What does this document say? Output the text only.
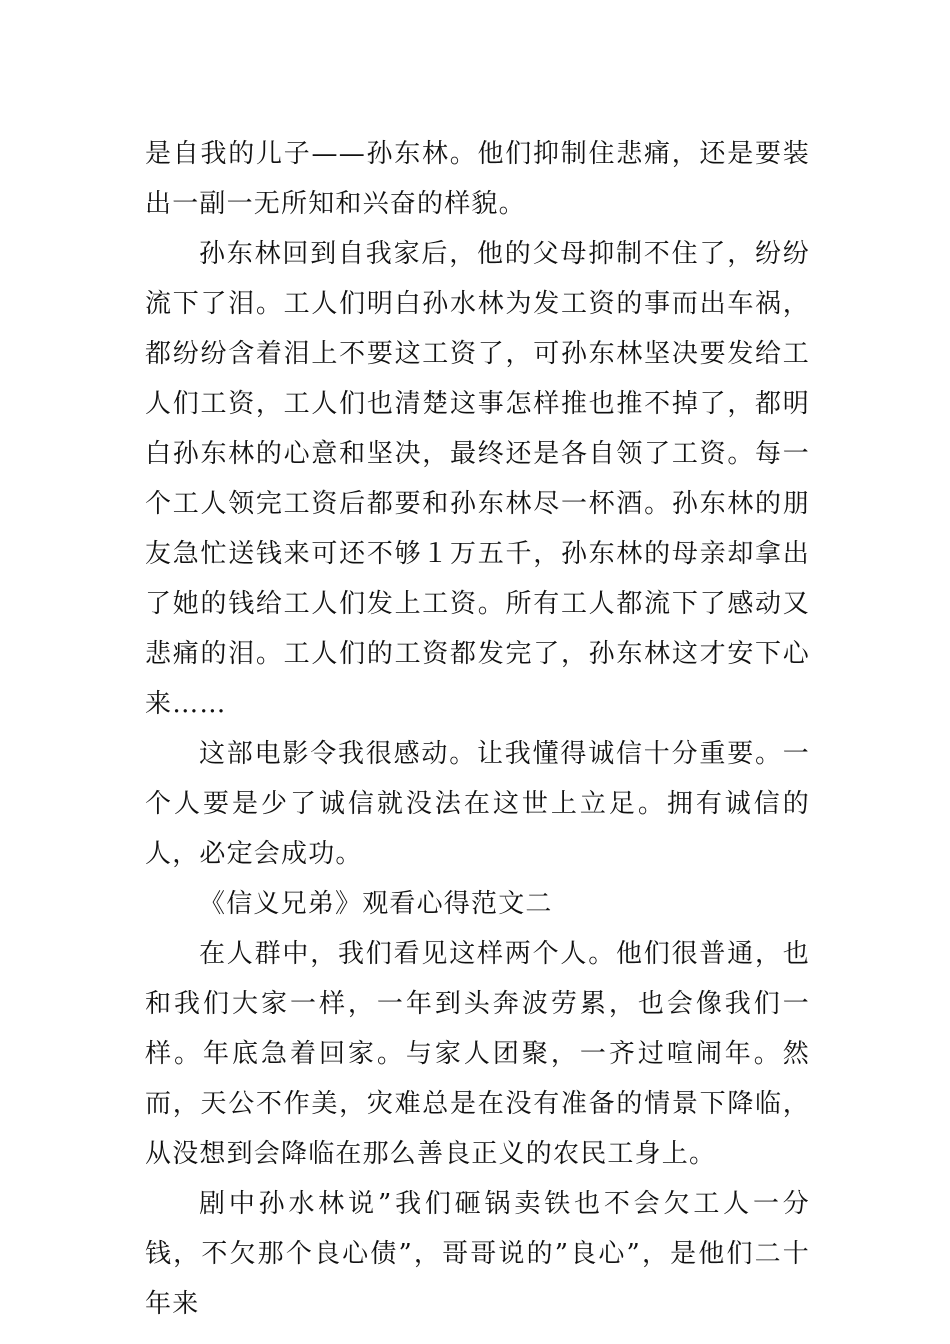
是自我的儿子——孙东林。他们抑制住悲痛，还是要装出一副一无所知和兴奋的样貌。

孙东林回到自我家后，他的父母抑制不住了，纷纷流下了泪。工人们明白孙水林为发工资的事而出车祸，都纷纷含着泪上不要这工资了，可孙东林坚决要发给工人们工资，工人们也清楚这事怎样推也推不掉了，都明白孙东林的心意和坚决，最终还是各自领了工资。每一个工人领完工资后都要和孙东林尽一杯酒。孙东林的朋友急忙送钱来可还不够１万五千，孙东林的母亲却拿出了她的钱给工人们发上工资。所有工人都流下了感动又悲痛的泪。工人们的工资都发完了，孙东林这才安下心来……

这部电影令我很感动。让我懂得诚信十分重要。一个人要是少了诚信就没法在这世上立足。拥有诚信的人，必定会成功。

《信义兄弟》观看心得范文二

在人群中，我们看见这样两个人。他们很普通，也和我们大家一样，一年到头奔波劳累，也会像我们一样。年底急着回家。与家人团聚，一齐过喧闹年。然而，天公不作美，灾难总是在没有准备的情景下降临，从没想到会降临在那么善良正义的农民工身上。

剧中孙水林说”我们砸锅卖铁也不会欠工人一分钱，不欠那个良心债”，哥哥说的”良心”，是他们二十年来
